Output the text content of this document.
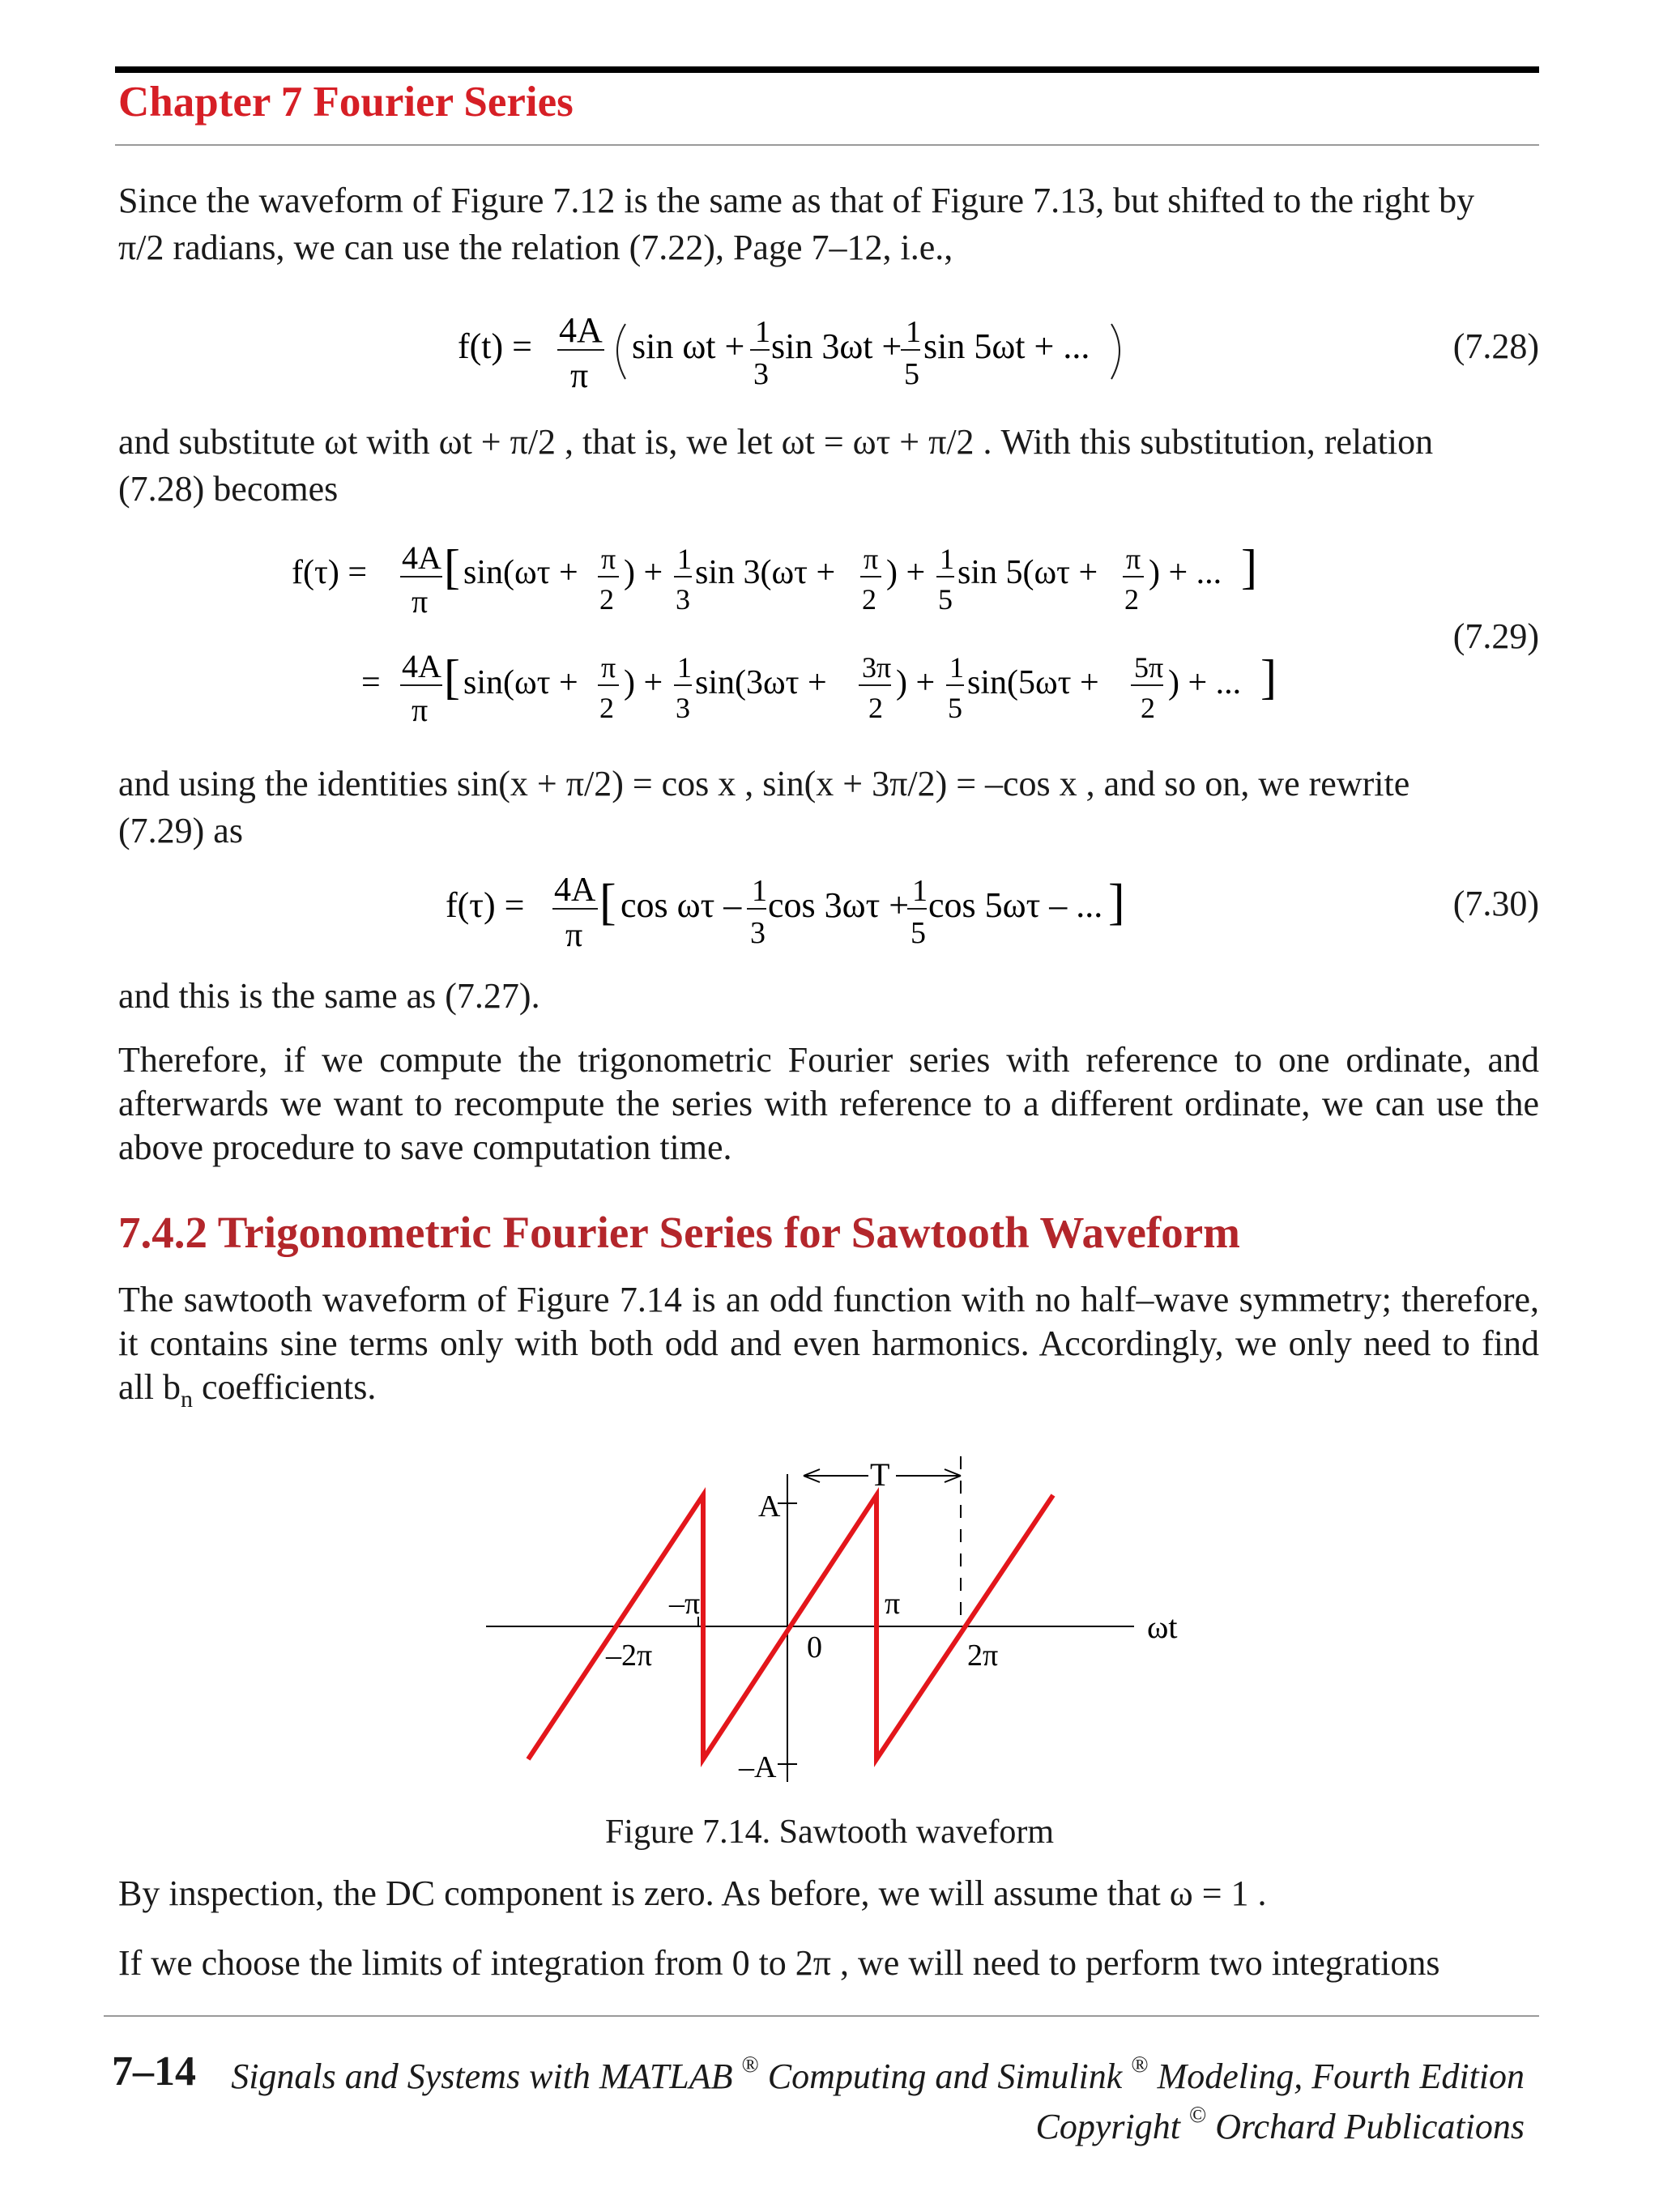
Chapter 7 Fourier Series
Since the waveform of Figure 7.12 is the same as that of Figure 7.13, but shifted to the right by
π/2 radians, we can use the relation (7.22), Page 7–12, i.e.,
f(t) = 4A
π
sin ωt + 1
3
sin 3ωt + 1
5
sin 5ωt + ...	(7.28)
and substitute ωt with ωt + π/2 , that is, we let ωt = ωτ + π/2 . With this substitution, relation
(7.28) becomes
f(τ) = 4A
π
[ sin(ωτ + π
2
) + 1
3
sin 3(ωτ + π
2
) + 1
5
sin 5(ωτ + π
2
) + ... ]
= 4A
π
[ sin(ωτ + π
2
) + 1
3
sin(3ωτ + 3π
2
) + 1
5
sin(5ωτ + 5π
2
) + ... ]
(7.29)
and using the identities sin(x + π/2) = cos x , sin(x + 3π/2) = –cos x , and so on, we rewrite
(7.29) as
f(τ) = 4A
π
[ cos ωτ – 1
3
cos 3ωτ + 1
5
cos 5ωτ – ... ]	(7.30)
and this is the same as (7.27).
Therefore, if we compute the trigonometric Fourier series with reference to one ordinate, and afterwards we want to recompute the series with reference to a different ordinate, we can use the above procedure to save computation time.
7.4.2 Trigonometric Fourier Series for Sawtooth Waveform
The sawtooth waveform of Figure 7.14 is an odd function with no half–wave symmetry; therefore, it contains sine terms only with both odd and even harmonics. Accordingly, we only need to find all $b_n$ coefficients.
T
A
–A
–π	π
–2π	0	2π
ωt
Figure 7.14. Sawtooth waveform
By inspection, the DC component is zero. As before, we will assume that ω = 1 .
If we choose the limits of integration from 0 to 2π , we will need to perform two integrations
7–14 Signals and Systems with MATLAB ® Computing and Simulink ® Modeling, Fourth Edition
Copyright © Orchard Publications
